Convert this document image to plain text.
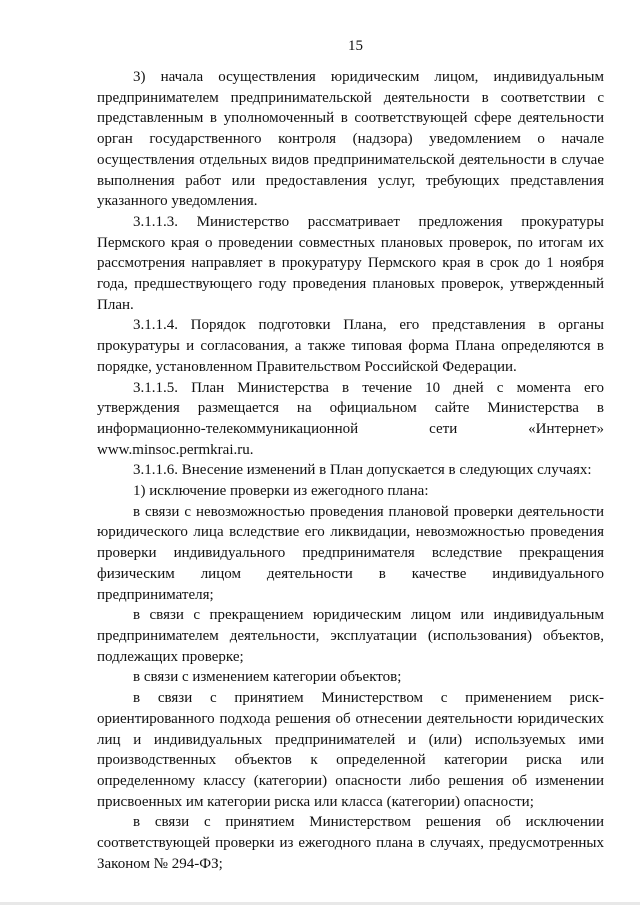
15

3) начала осуществления юридическим лицом, индивидуальным предпринимателем предпринимательской деятельности в соответствии с представленным в уполномоченный в соответствующей сфере деятельности орган государственного контроля (надзора) уведомлением о начале осуществления отдельных видов предпринимательской деятельности в случае выполнения работ или предоставления услуг, требующих представления указанного уведомления.

3.1.1.3. Министерство рассматривает предложения прокуратуры Пермского края о проведении совместных плановых проверок, по итогам их рассмотрения направляет в прокуратуру Пермского края в срок до 1 ноября года, предшествующего году проведения плановых проверок, утвержденный План.

3.1.1.4. Порядок подготовки Плана, его представления в органы прокуратуры и согласования, а также типовая форма Плана определяются в порядке, установленном Правительством Российской Федерации.

3.1.1.5. План Министерства в течение 10 дней с момента его утверждения размещается на официальном сайте Министерства в информационно-телекоммуникационной сети «Интернет» www.minsoc.permkrai.ru.

3.1.1.6. Внесение изменений в План допускается в следующих случаях:

1) исключение проверки из ежегодного плана:

в связи с невозможностью проведения плановой проверки деятельности юридического лица вследствие его ликвидации, невозможностью проведения проверки индивидуального предпринимателя вследствие прекращения физическим лицом деятельности в качестве индивидуального предпринимателя;

в связи с прекращением юридическим лицом или индивидуальным предпринимателем деятельности, эксплуатации (использования) объектов, подлежащих проверке;

в связи с изменением категории объектов;

в связи с принятием Министерством с применением риск-ориентированного подхода решения об отнесении деятельности юридических лиц и индивидуальных предпринимателей и (или) используемых ими производственных объектов к определенной категории риска или определенному классу (категории) опасности либо решения об изменении присвоенных им категории риска или класса (категории) опасности;

в связи с принятием Министерством решения об исключении соответствующей проверки из ежегодного плана в случаях, предусмотренных Законом № 294-ФЗ;
